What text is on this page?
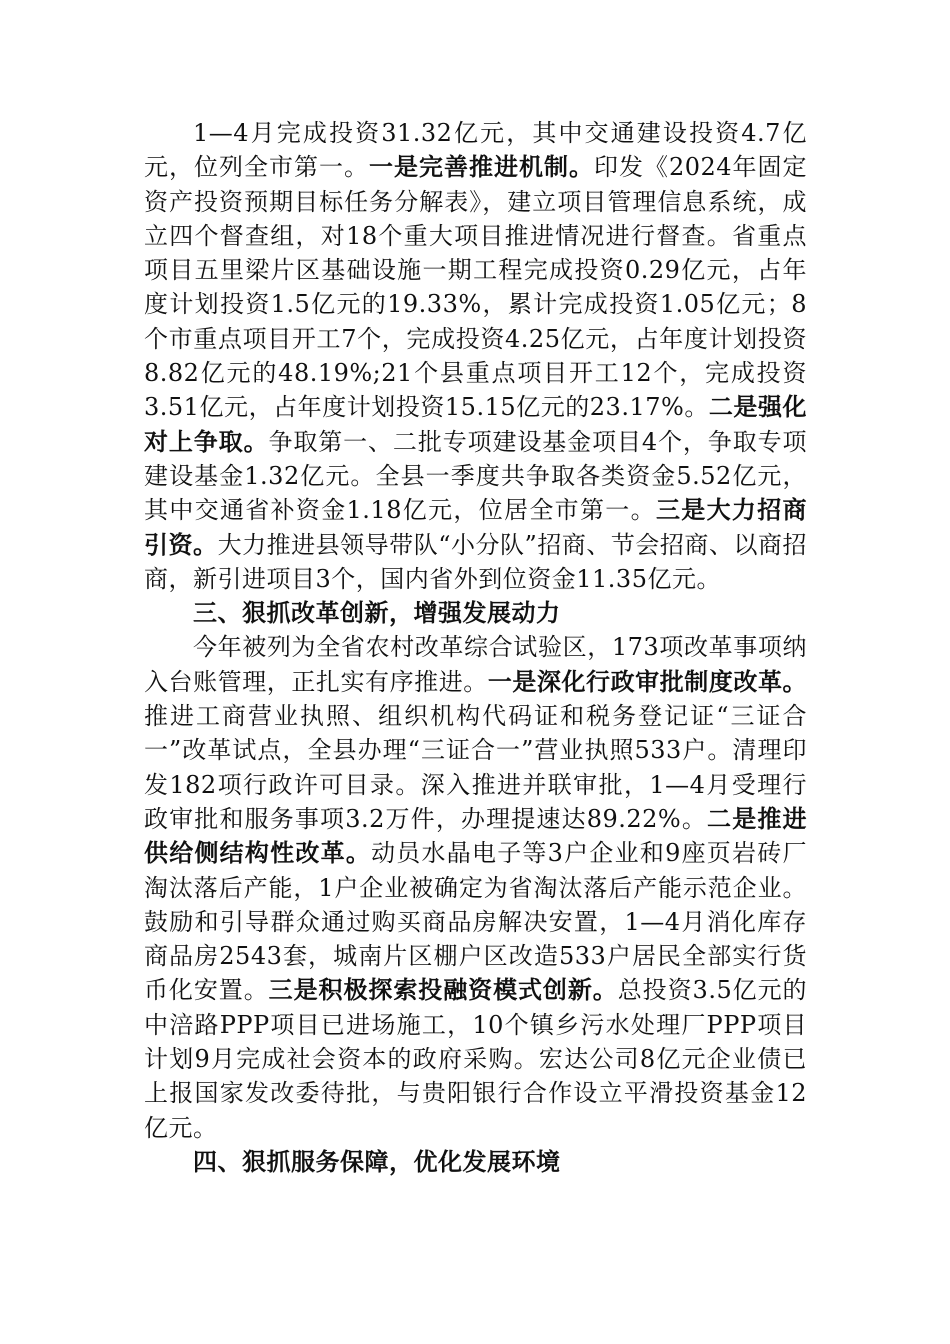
1—4月完成投资31.32亿元，其中交通建设投资4.7亿元，位列全市第一。一是完善推进机制。印发《2024年固定资产投资预期目标任务分解表》，建立项目管理信息系统，成立四个督查组，对18个重大项目推进情况进行督查。省重点项目五里梁片区基础设施一期工程完成投资0.29亿元，占年度计划投资1.5亿元的19.33%，累计完成投资1.05亿元；8个市重点项目开工7个，完成投资4.25亿元，占年度计划投资8.82亿元的48.19%;21个县重点项目开工12个，完成投资3.51亿元，占年度计划投资15.15亿元的23.17%。二是强化对上争取。争取第一、二批专项建设基金项目4个，争取专项建设基金1.32亿元。全县一季度共争取各类资金5.52亿元，其中交通省补资金1.18亿元，位居全市第一。三是大力招商引资。大力推进县领导带队“小分队”招商、节会招商、以商招商，新引进项目3个，国内省外到位资金11.35亿元。

三、狠抓改革创新，增强发展动力

今年被列为全省农村改革综合试验区，173项改革事项纳入台账管理，正扎实有序推进。一是深化行政审批制度改革。推进工商营业执照、组织机构代码证和税务登记证“三证合一”改革试点，全县办理“三证合一”营业执照533户。清理印发182项行政许可目录。深入推进并联审批，1—4月受理行政审批和服务事项3.2万件，办理提速达89.22%。二是推进供给侧结构性改革。动员水晶电子等3户企业和9座页岩砖厂淘汰落后产能，1户企业被确定为省淘汰落后产能示范企业。鼓励和引导群众通过购买商品房解决安置，1—4月消化库存商品房2543套，城南片区棚户区改造533户居民全部实行货币化安置。三是积极探索投融资模式创新。总投资3.5亿元的中涪路PPP项目已进场施工，10个镇乡污水处理厂PPP项目计划9月完成社会资本的政府采购。宏达公司8亿元企业债已上报国家发改委待批，与贵阳银行合作设立平滑投资基金12亿元。

四、狠抓服务保障，优化发展环境
